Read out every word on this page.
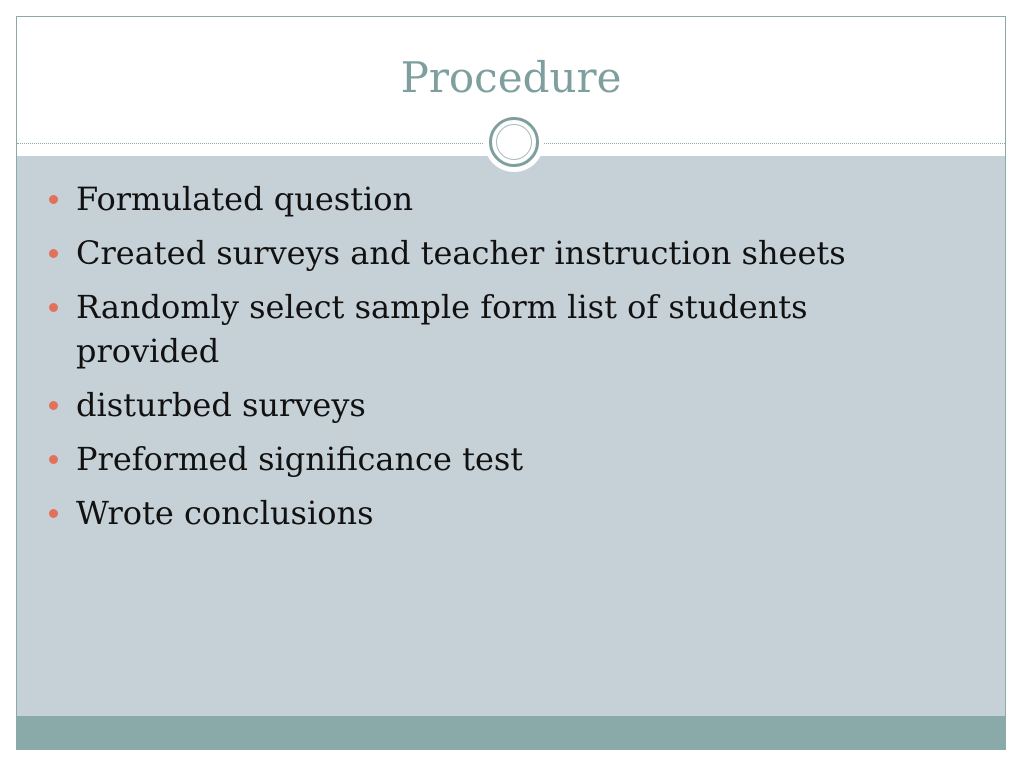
Procedure
Formulated question
Created surveys and teacher instruction sheets
Randomly select sample form list of students provided
disturbed surveys
Preformed significance test
Wrote conclusions
